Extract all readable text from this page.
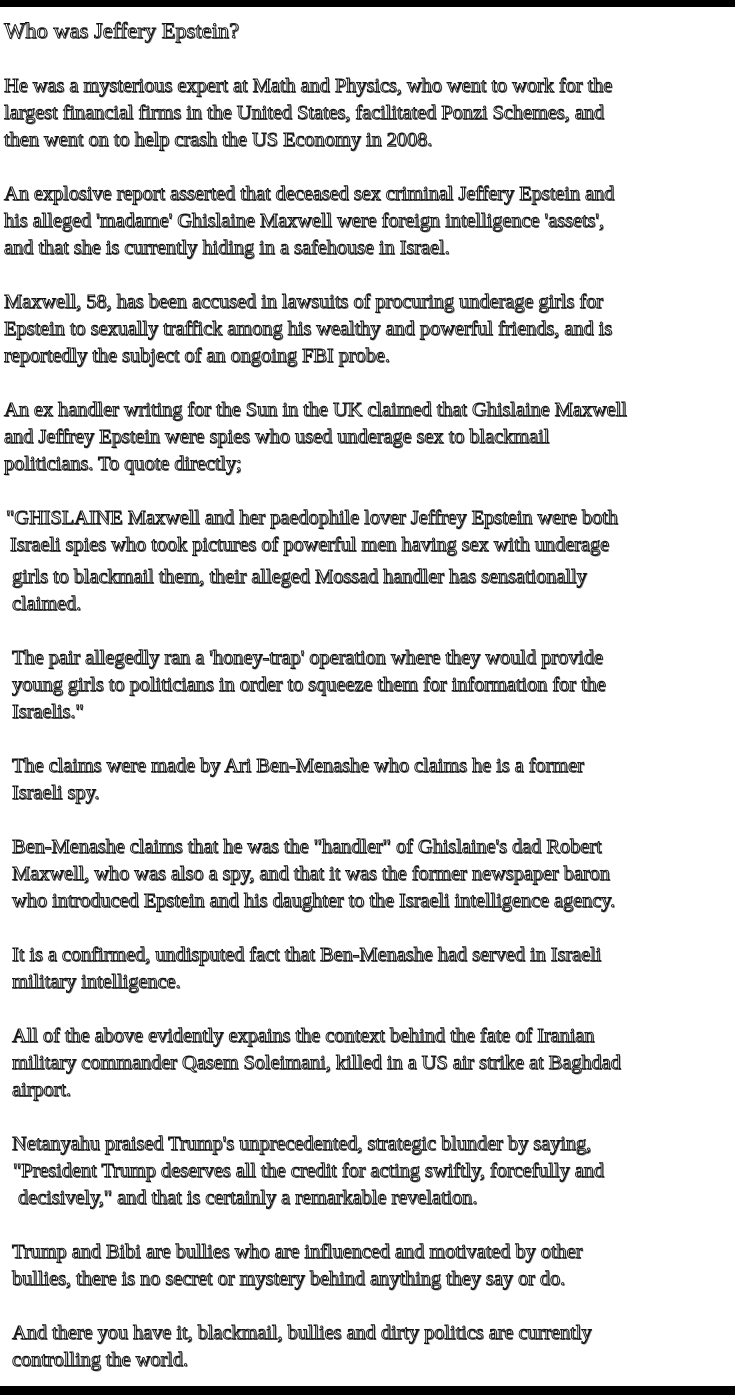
Who was Jeffery Epstein?
He was a mysterious expert at Math and Physics, who went to work for the
largest financial firms in the United States, facilitated Ponzi Schemes, and
then went on to help crash the US Economy in 2008.
An explosive report asserted that deceased sex criminal Jeffery Epstein and
his alleged 'madame' Ghislaine Maxwell were foreign intelligence 'assets',
and that she is currently hiding in a safehouse in Israel.
Maxwell, 58, has been accused in lawsuits of procuring underage girls for
Epstein to sexually traffick among his wealthy and powerful friends, and is
reportedly the subject of an ongoing FBI probe.
An ex handler writing for the Sun in the UK claimed that Ghislaine Maxwell
and Jeffrey Epstein were spies who used underage sex to blackmail
politicians. To quote directly;
"GHISLAINE Maxwell and her paedophile lover Jeffrey Epstein were both
Israeli spies who took pictures of powerful men having sex with underage
girls to blackmail them, their alleged Mossad handler has sensationally
claimed.
The pair allegedly ran a 'honey-trap' operation where they would provide
young girls to politicians in order to squeeze them for information for the
Israelis."
The claims were made by Ari Ben-Menashe who claims he is a former
Israeli spy.
Ben-Menashe claims that he was the "handler" of Ghislaine's dad Robert
Maxwell, who was also a spy, and that it was the former newspaper baron
who introduced Epstein and his daughter to the Israeli intelligence agency.
It is a confirmed, undisputed fact that Ben-Menashe had served in Israeli
military intelligence.
All of the above evidently expains the context behind the fate of Iranian
military commander Qasem Soleimani, killed in a US air strike at Baghdad
airport.
Netanyahu praised Trump's unprecedented, strategic blunder by saying,
"President Trump deserves all the credit for acting swiftly, forcefully and
decisively," and that is certainly a remarkable revelation.
Trump and Bibi are bullies who are influenced and motivated by other
bullies, there is no secret or mystery behind anything they say or do.
And there you have it, blackmail, bullies and dirty politics are currently
controlling the world.
